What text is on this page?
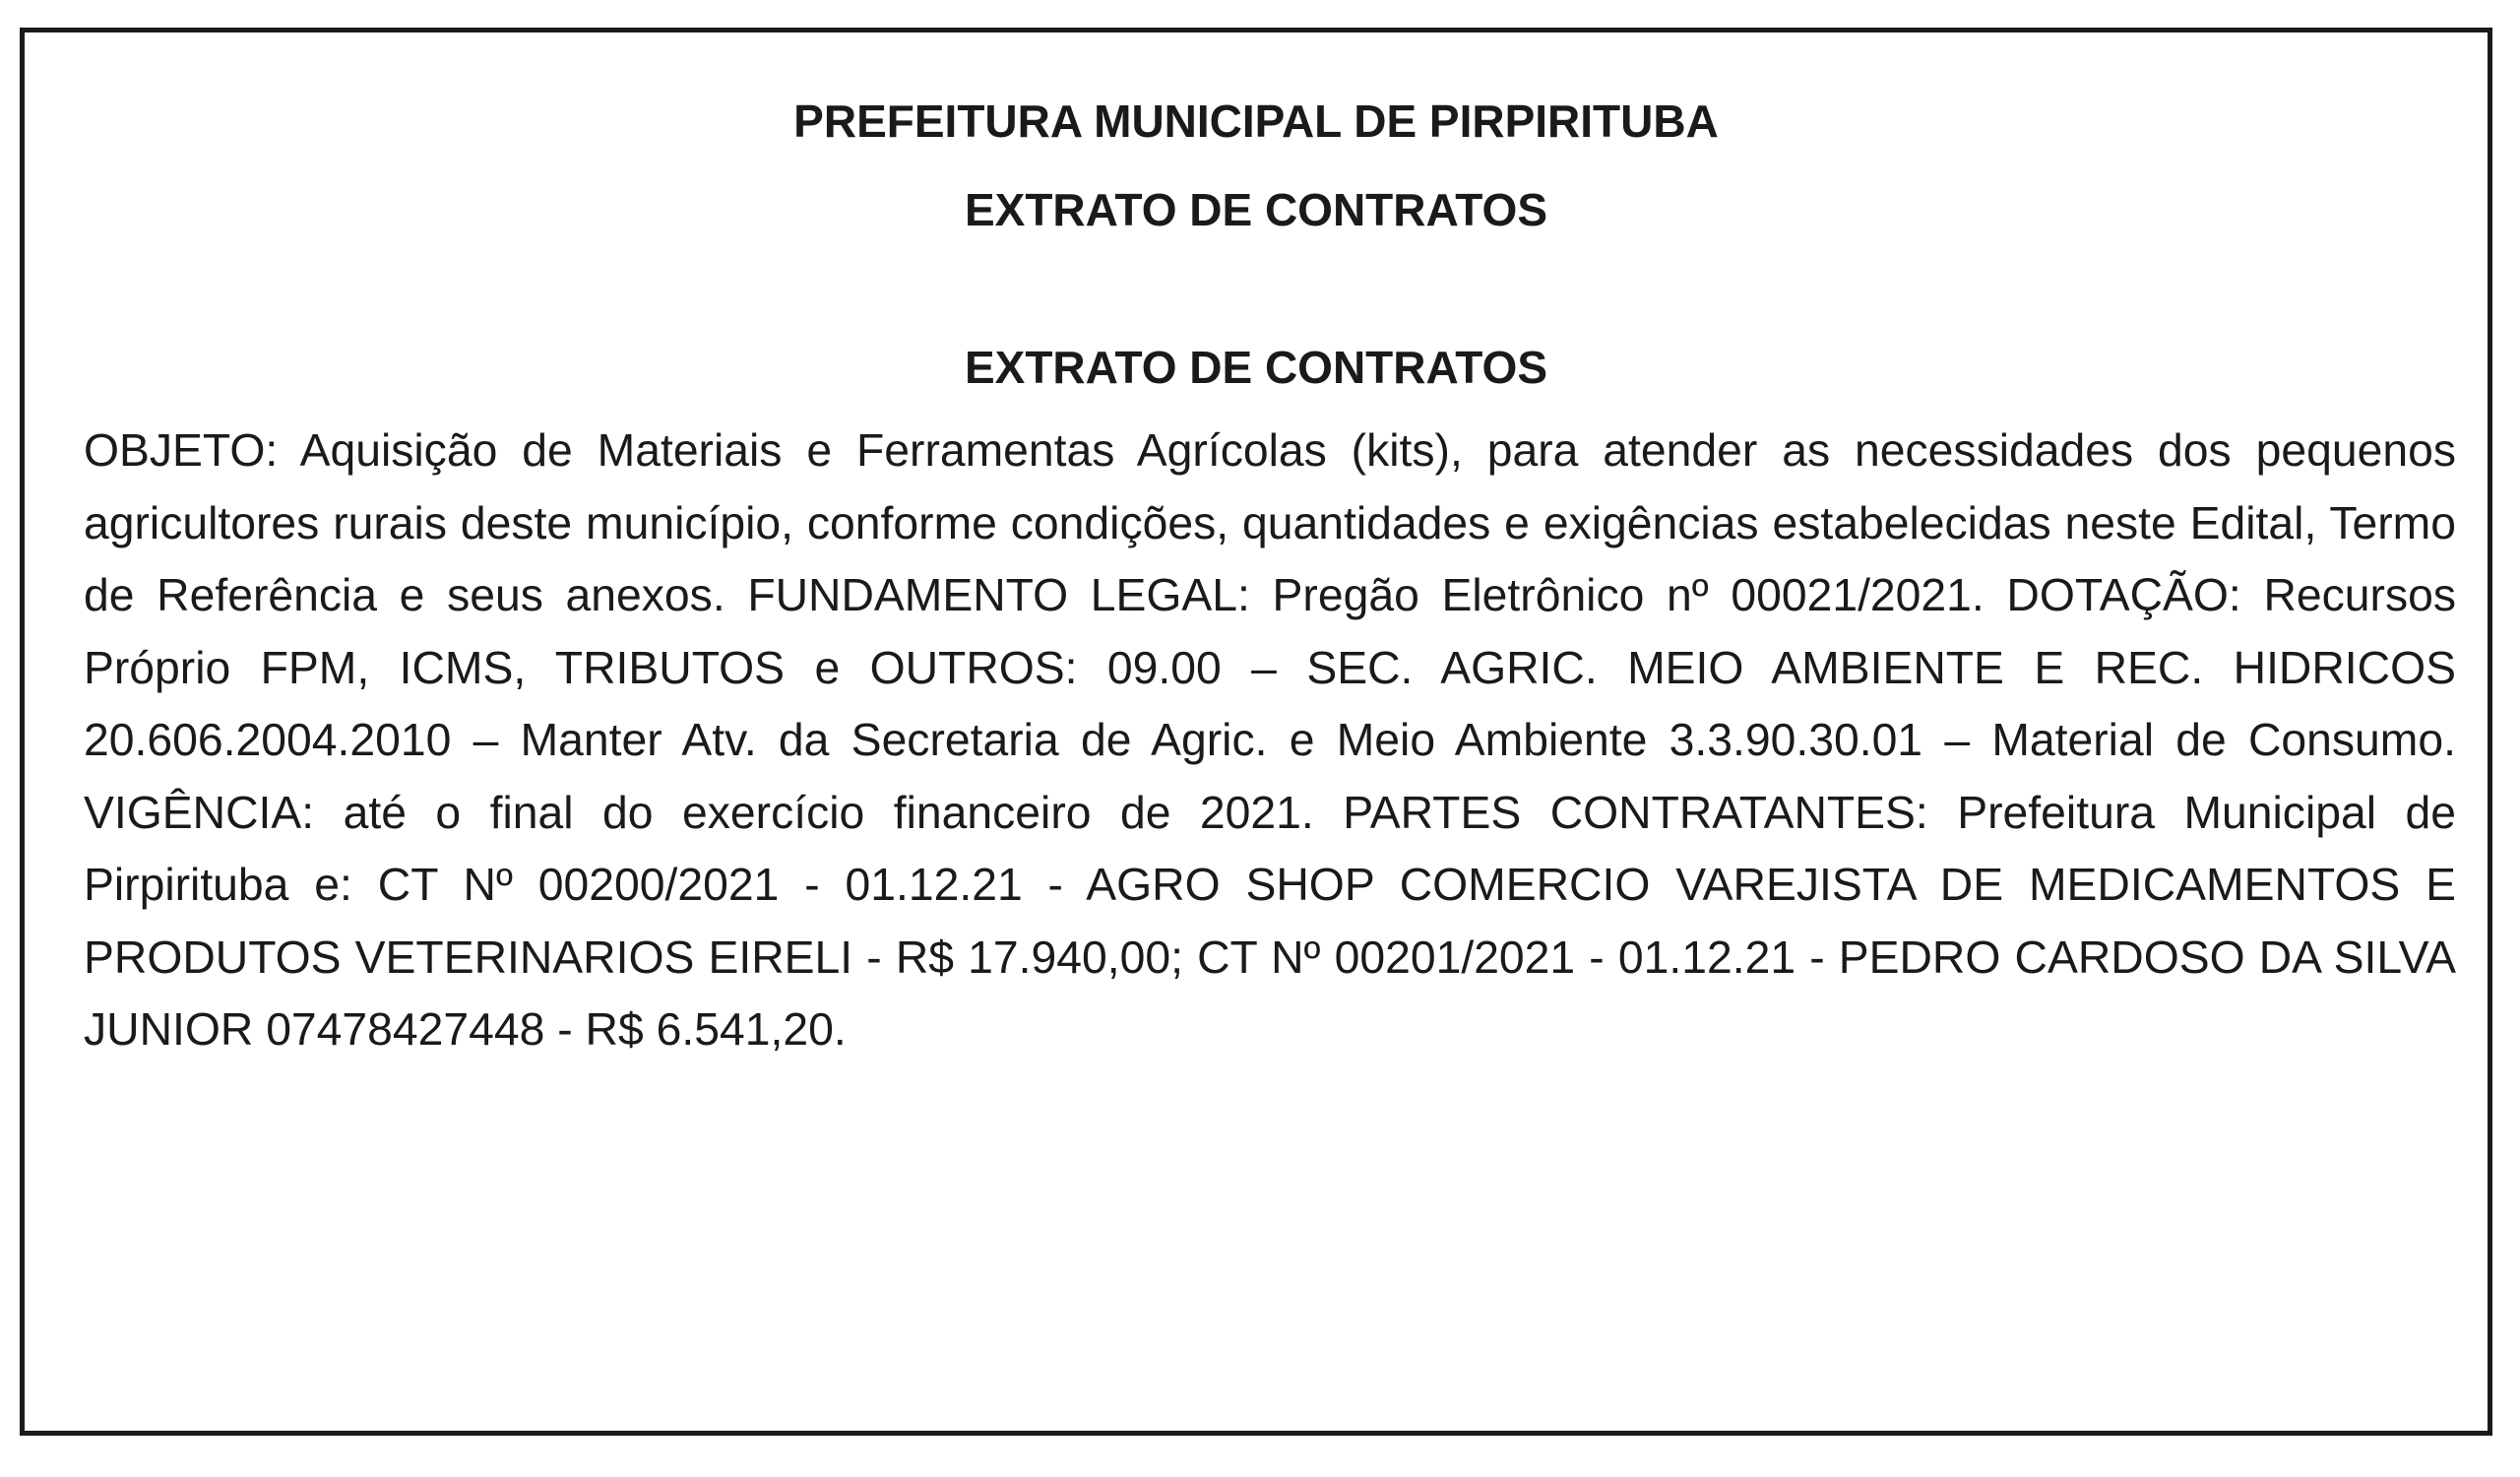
PREFEITURA MUNICIPAL DE PIRPIRITUBA
EXTRATO DE CONTRATOS
EXTRATO DE CONTRATOS
OBJETO: Aquisição de Materiais e Ferramentas Agrícolas (kits), para atender as necessidades dos pequenos agricultores rurais deste município, conforme condições, quantidades e exigências estabelecidas neste Edital, Termo de Referência e seus anexos. FUNDAMENTO LEGAL: Pregão Eletrônico nº 00021/2021. DOTAÇÃO: Recursos Próprio FPM, ICMS, TRIBUTOS e OUTROS: 09.00 – SEC. AGRIC. MEIO AMBIENTE E REC. HIDRICOS 20.606.2004.2010 – Manter Atv. da Secretaria de Agric. e Meio Ambiente 3.3.90.30.01 – Material de Consumo. VIGÊNCIA: até o final do exercício financeiro de 2021. PARTES CONTRATANTES: Prefeitura Municipal de Pirpirituba e: CT Nº 00200/2021 - 01.12.21 - AGRO SHOP COMERCIO VAREJISTA DE MEDICAMENTOS E PRODUTOS VETERINARIOS EIRELI - R$ 17.940,00; CT Nº 00201/2021 - 01.12.21 - PEDRO CARDOSO DA SILVA JUNIOR 07478427448 - R$ 6.541,20.
